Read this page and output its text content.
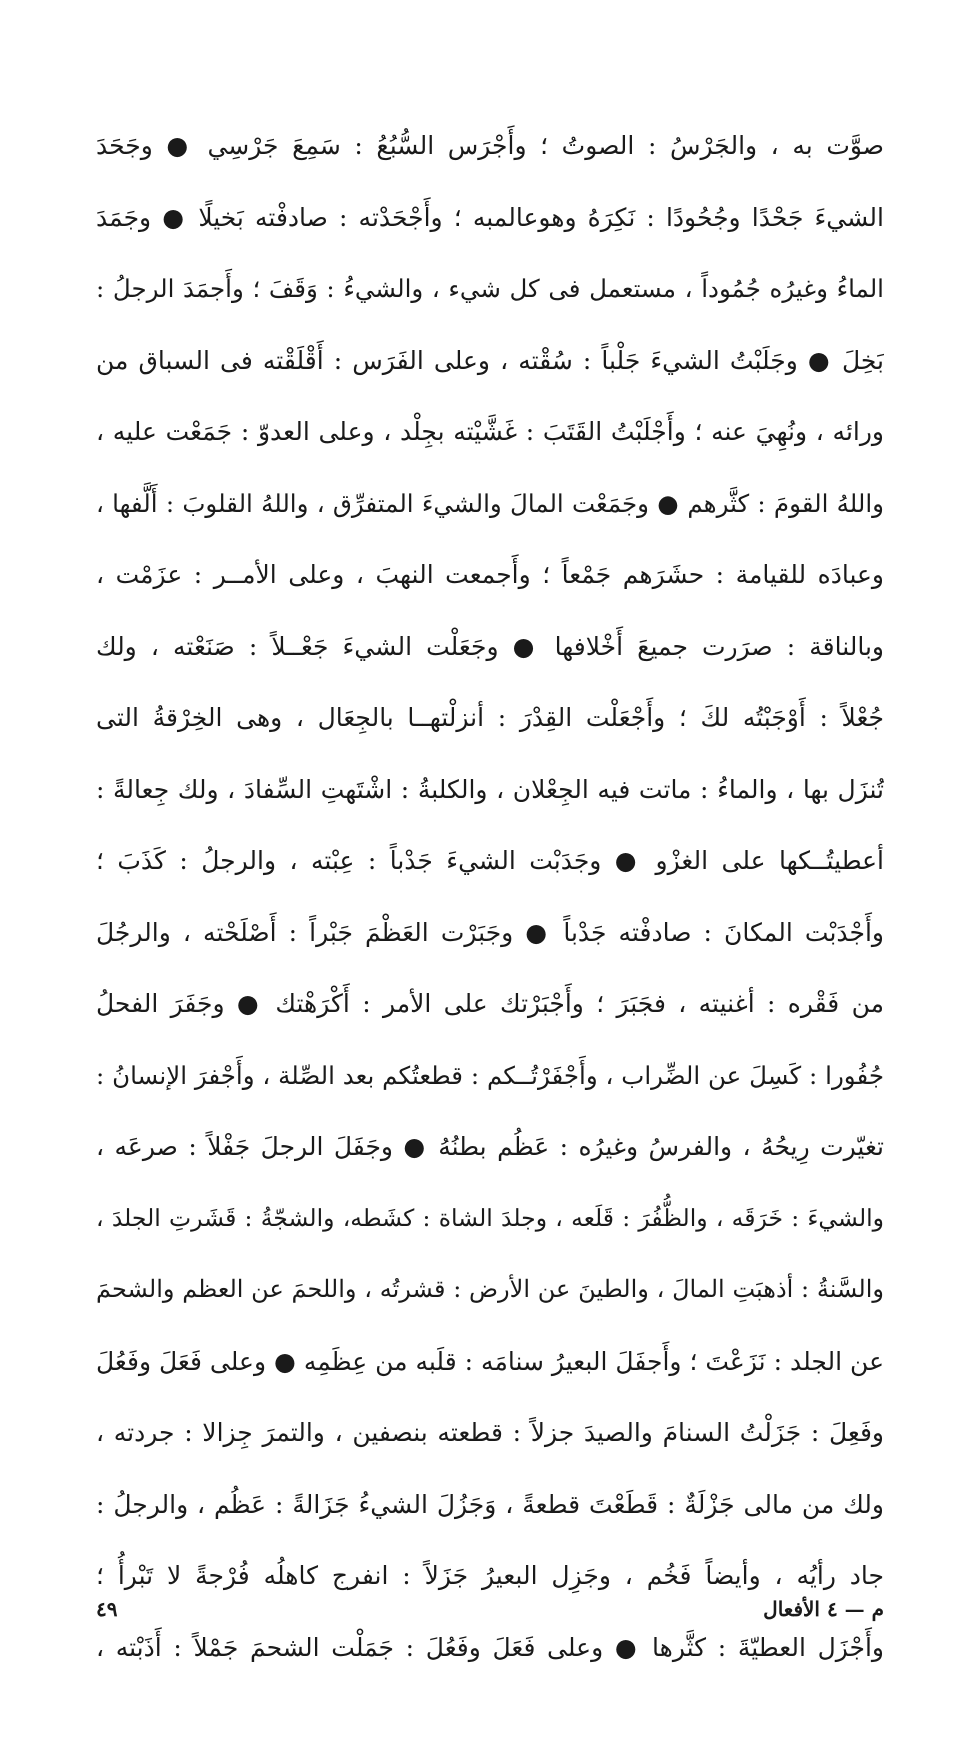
صوَّت به ، والجَرْسُ : الصوتُ ؛ وأَجْرَس السُّبُعُ : سَمِعَ جَرْسِي ● وجَحَدَ
الشيءَ جَحْدًا وجُحُودًا : نَكِرَهُ وهوعالمبه ؛ وأَجْحَدْته : صادفْته بَخيلًا ● وجَمَدَ
الماءُ وغيرُه جُمُوداً ، مستعمل فى كل شيء ، والشيءُ : وَقَفَ ؛ وأَجمَدَ الرجلُ :
بَخِلَ ● وجَلَبْتُ الشيءَ جَلْباً : سُقْته ، وعلى الفَرَس : أَقْلَقْته فى السباق من
ورائه ، ونُهِيَ عنه ؛ وأَجْلَبْتُ القَتَبَ : غَشَّيْته بجِلْد ، وعلى العدوّ : جَمَعْت عليه ،
واللهُ القومَ : كثَّرهم ● وجَمَعْت المالَ والشيءَ المتفرِّق ، واللهُ القلوبَ : أَلَّفها ،
وعبادَه للقيامة : حشَرَهم جَمْعاً ؛ وأَجمعت النهبَ ، وعلى الأمــر : عزَمْت ،
وبالناقة : صرَرت جميعَ أَخْلافها ● وجَعَلْت الشيءَ جَعْــلاً : صَنَعْته ، ولك
جُعْلاً : أَوْجَبْتُه لكَ ؛ وأَجْعَلْت القِدْرَ : أنزلْتهــا بالجِعَال ، وهى الخِرْقةُ التى
تُنزَل بها ، والماءُ : ماتت فيه الجِعْلان ، والكلبةُ : اشْتَهتِ السِّفادَ ، ولك جِعالةً :
أعطيتُــكها على الغزْو ● وجَدَبْت الشيءَ جَدْباً : عِبْته ، والرجلُ : كَذَبَ ؛
وأَجْدَبْت المكانَ : صادفْته جَدْباً ● وجَبَرْت العَظْمَ جَبْراً : أَصْلَحْته ، والرجُلَ
من فَقْره : أغنيته ، فجَبَرَ ؛ وأَجْبَرْتك على الأمر : أَكْرَهْتك ● وجَفَرَ الفحلُ
جُفُورا : كَسِلَ عن الضِّراب ، وأَجْفَرْتُــكم : قطعتُكم بعد الصِّلة ، وأَجْفرَ الإنسانُ :
تغيّرت رِيحُهُ ، والفرسُ وغيرُه : عَظُم بطنُهُ ● وجَفَلَ الرجلَ جَفْلاً : صرعَه ،
والشيءَ : خَرَقَه ، والظُّفُرَ : قَلَعه ، وجلدَ الشاة : كشَطه، والشجّةُ : قَشَرتِ الجلدَ ،
والسَّنةُ : أذهبَتِ المالَ ، والطينَ عن الأرض : قشرتُه ، واللحمَ عن العظم والشحمَ
عن الجلد : نَزَعْتَ ؛ وأَجفَلَ البعيرُ سنامَه : قلَبه من عِظَمِه ● وعلى فَعَلَ وفَعُلَ
وفَعِلَ : جَزَلْتُ السنامَ والصيدَ جزلاً : قطعته بنصفين ، والتمرَ جِزالا : جردته ،
ولك من مالى جَزْلَةٌ : قَطَعْتَ قطعةً ، وَجَزُلَ الشيءُ جَزَالةً : عَظُم ، والرجلُ :
جاد رأيُه ، وأيضاً فَخُم ، وجَزِل البعيرُ جَزَلاً : انفرج كاهلُه فُرْجةً لا تَبْرأُ ؛
وأَجْزَل العطيّةَ : كثَّرها ● وعلى فَعَلَ وفَعُلَ : جَمَلْت الشحمَ جَمْلاً : أَذَبْته ،
م — ٤ الأفعال
٤٩
